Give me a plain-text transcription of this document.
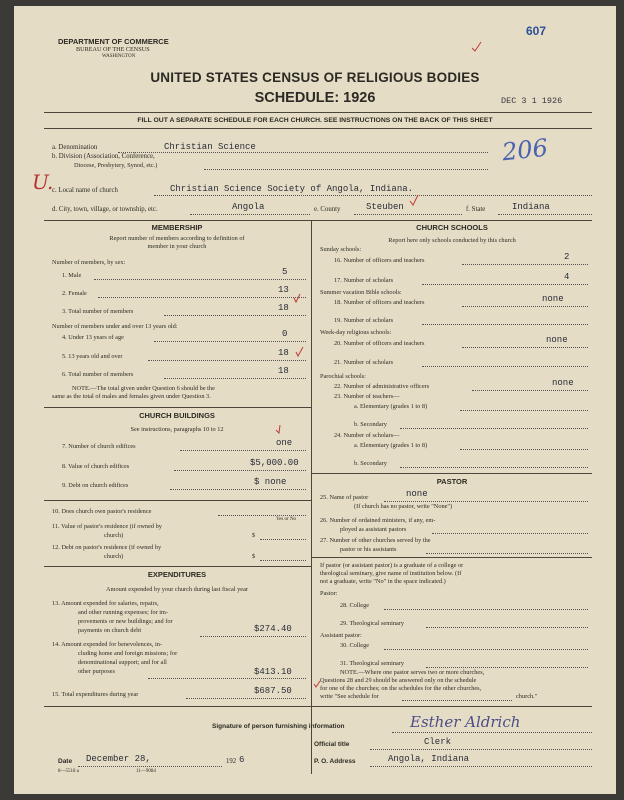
DEPARTMENT OF COMMERCE
BUREAU OF THE CENSUS
WASHINGTON
607
UNITED STATES CENSUS OF RELIGIOUS BODIES
SCHEDULE: 1926	DEC 3 1 1926
FILL OUT A SEPARATE SCHEDULE FOR EACH CHURCH. SEE INSTRUCTIONS ON THE BACK OF THIS SHEET
206
a. Denomination	Christian Science
b. Division (Association, Conference,
Diocese, Presbytery, Synod, etc.)
U.
c. Local name of church	Christian Science Society of Angola, Indiana.
d. City, town, village, or township, etc.	Angola	e. County	Steuben	f. State	Indiana
MEMBERSHIP
Report number of members according to definition of
member in your church
Number of members, by sex:
1. Male	5
2. Female	13
3. Total number of members	18
Number of members under and over 13 years old:
4. Under 13 years of age	0
5. 13 years old and over	18
6. Total number of members	18
NOTE.—The total given under Question 6 should be the
same as the total of males and females given under Question 3.
CHURCH BUILDINGS
See instructions, paragraphs 10 to 12
7. Number of church edifices	one
8. Value of church edifices	$5,000.00
9. Debt on church edifices	$ none
10. Does church own pastor's residence
Yes or No
11. Value of pastor's residence (if owned by
church)	$
12. Debt on pastor's residence (if owned by
church)	$
EXPENDITURES
Amount expended by your church during last fiscal year
13. Amount expended for salaries, repairs,
and other running expenses; for im-
provements or new buildings; and for
payments on church debt	$274.40
14. Amount expended for benevolences, in-
cluding home and foreign missions; for
denominational support; and for all
other purposes	$413.10
15. Total expenditures during year	$687.50
CHURCH SCHOOLS
Report here only schools conducted by this church
Sunday schools:
16. Number of officers and teachers	2
17. Number of scholars	4
Summer vacation Bible schools:
18. Number of officers and teachers	none
19. Number of scholars
Week-day religious schools:
20. Number of officers and teachers	none
21. Number of scholars
Parochial schools:
22. Number of administrative officers	none
23. Number of teachers—
a. Elementary (grades 1 to 8)
b. Secondary
24. Number of scholars—
a. Elementary (grades 1 to 8)
b. Secondary
PASTOR
25. Name of pastor	none
(If church has no pastor, write "None")
26. Number of ordained ministers, if any, em-
ployed as assistant pastors
27. Number of other churches served by the
pastor or his assistants
If pastor (or assistant pastor) is a graduate of a college or
theological seminary, give name of institution below. (If
not a graduate, write "No" in the space indicated.)
Pastor:
28. College
29. Theological seminary
Assistant pastor:
30. College
31. Theological seminary
NOTE.—Where one pastor serves two or more churches,
Questions 28 and 29 should be answered only on the schedule
for one of the churches; on the schedules for the other churches,
write "See schedule for	church."
Signature of person furnishing information	Esther Aldrich
Official title	Clerk
Date December 28,	192 6	P. O. Address	Angola, Indiana
8—5518 a	11—9084
